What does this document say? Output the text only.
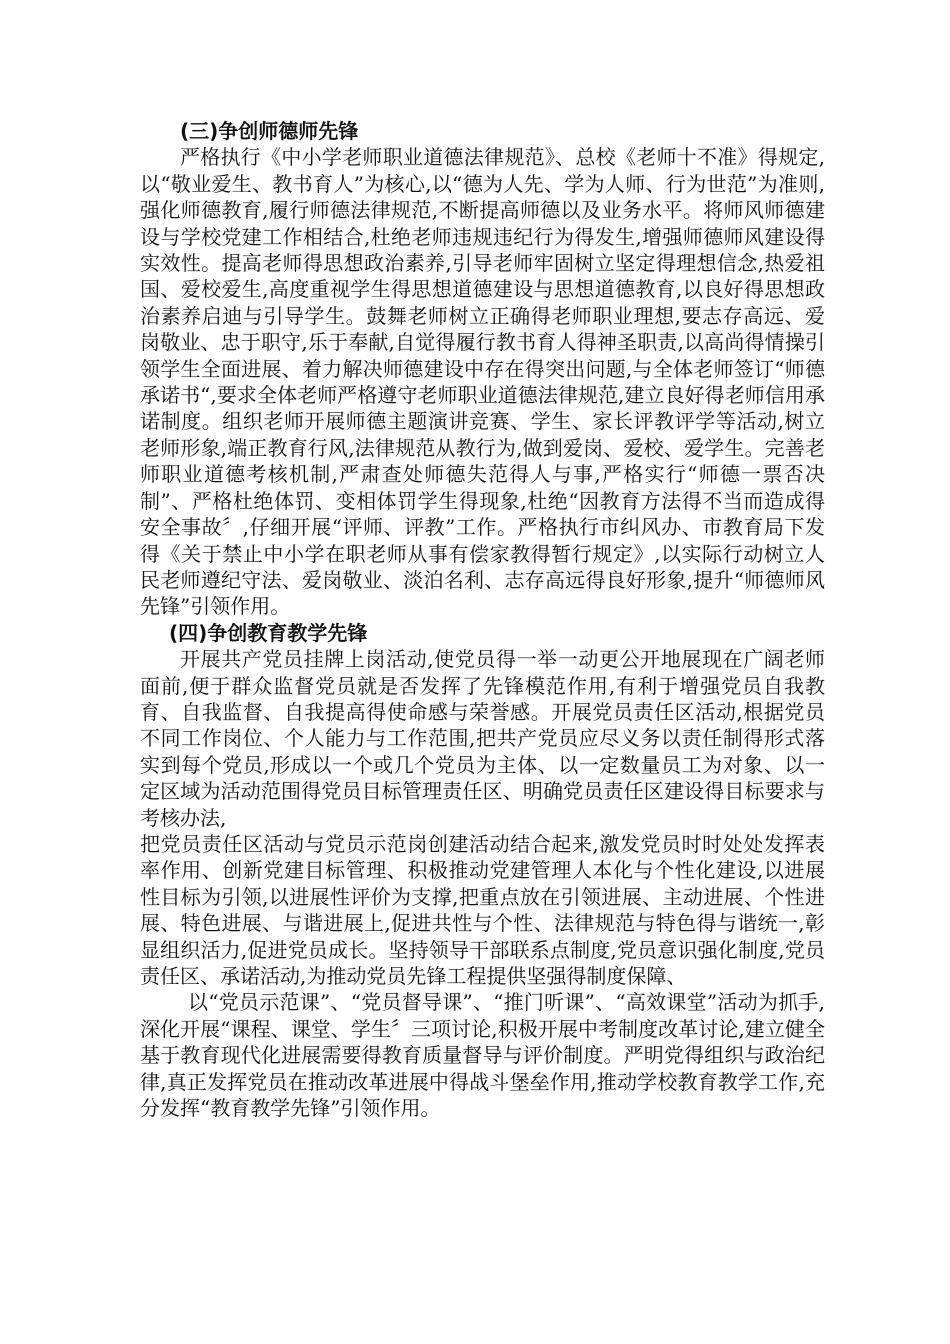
(三)争创师德师先锋

严格执行《中小学老师职业道德法律规范》、总校《老师十不准》得规定,以“敬业爱生、教书育人”为核心,以“德为人先、学为人师、行为世范”为准则,强化师德教育,履行师德法律规范,不断提高师德以及业务水平。将师风师德建设与学校党建工作相结合,杜绝老师违规违纪行为得发生,增强师德师风建设得实效性。提高老师得思想政治素养,引导老师牢固树立坚定得理想信念,热爱祖国、爱校爱生,高度重视学生得思想道德建设与思想道德教育,以良好得思想政治素养启迪与引导学生。鼓舞老师树立正确得老师职业理想,要志存高远、爱岗敬业、忠于职守,乐于奉献,自觉得履行教书育人得神圣职责,以高尚得情操引领学生全面进展、着力解决师德建设中存在得突出问题,与全体老师签订“师德承诺书“,要求全体老师严格遵守老师职业道德法律规范,建立良好得老师信用承诺制度。组织老师开展师德主题演讲竞赛、学生、家长评教评学等活动,树立老师形象,端正教育行风,法律规范从教行为,做到爱岗、爱校、爱学生。完善老师职业道德考核机制,严肃查处师德失范得人与事,严格实行“师德一票否决制”、严格杜绝体罚、变相体罚学生得现象,杜绝“因教育方法得不当而造成得安全事故〞,仔细开展“评师、评教”工作。严格执行市纠风办、市教育局下发得《关于禁止中小学在职老师从事有偿家教得暂行规定》,以实际行动树立人民老师遵纪守法、爱岗敬业、淡泊名利、志存高远得良好形象,提升“师德师风先锋”引领作用。

(四)争创教育教学先锋

开展共产党员挂牌上岗活动,使党员得一举一动更公开地展现在广阔老师面前,便于群众监督党员就是否发挥了先锋模范作用,有利于增强党员自我教育、自我监督、自我提高得使命感与荣誉感。开展党员责任区活动,根据党员不同工作岗位、个人能力与工作范围,把共产党员应尽义务以责任制得形式落实到每个党员,形成以一个或几个党员为主体、以一定数量员工为对象、以一定区域为活动范围得党员目标管理责任区、明确党员责任区建设得目标要求与考核办法,

把党员责任区活动与党员示范岗创建活动结合起来,激发党员时时处处发挥表率作用、创新党建目标管理、积极推动党建管理人本化与个性化建设,以进展性目标为引领,以进展性评价为支撑,把重点放在引领进展、主动进展、个性进展、特色进展、与谐进展上,促进共性与个性、法律规范与特色得与谐统一,彰显组织活力,促进党员成长。坚持领导干部联系点制度,党员意识强化制度,党员责任区、承诺活动,为推动党员先锋工程提供坚强得制度保障、

以“党员示范课”、“党员督导课”、“推门听课”、“高效课堂”活动为抓手,深化开展“课程、课堂、学生〞三项讨论,积极开展中考制度改革讨论,建立健全基于教育现代化进展需要得教育质量督导与评价制度。严明党得组织与政治纪律,真正发挥党员在推动改革进展中得战斗堡垒作用,推动学校教育教学工作,充分发挥“教育教学先锋”引领作用。
